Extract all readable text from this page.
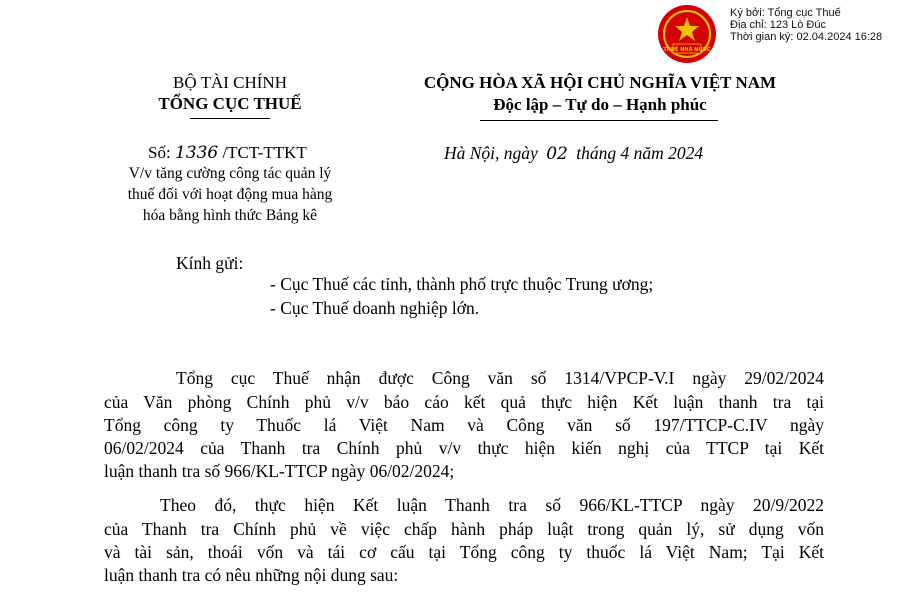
THUẾ NHÀ NƯỚC
Ký bởi: Tổng cục Thuế
Địa chỉ: 123 Lò Đúc
Thời gian ký: 02.04.2024 16:28
BỘ TÀI CHÍNH
TỔNG CỤC THUẾ
CỘNG HÒA XÃ HỘI CHỦ NGHĨA VIỆT NAM
Độc lập – Tự do – Hạnh phúc
Số: 1336 /TCT-TTKT	Hà Nội, ngày 02 tháng 4 năm 2024
V/v tăng cường công tác quản lý
thuế đối với hoạt động mua hàng
hóa bằng hình thức Bảng kê
Kính gửi:
- Cục Thuế các tỉnh, thành phố trực thuộc Trung ương;
- Cục Thuế doanh nghiệp lớn.
Tổng cục Thuế nhận được Công văn số 1314/VPCP-V.I ngày 29/02/2024
của Văn phòng Chính phủ v/v báo cáo kết quả thực hiện Kết luận thanh tra tại
Tổng công ty Thuốc lá Việt Nam và Công văn số 197/TTCP-C.IV ngày
06/02/2024 của Thanh tra Chính phủ v/v thực hiện kiến nghị của TTCP tại Kết
luận thanh tra số 966/KL-TTCP ngày 06/02/2024;
Theo đó, thực hiện Kết luận Thanh tra số 966/KL-TTCP ngày 20/9/2022
của Thanh tra Chính phủ về việc chấp hành pháp luật trong quản lý, sử dụng vốn
và tài sản, thoái vốn và tái cơ cấu tại Tổng công ty thuốc lá Việt Nam; Tại Kết
luận thanh tra có nêu những nội dung sau:
